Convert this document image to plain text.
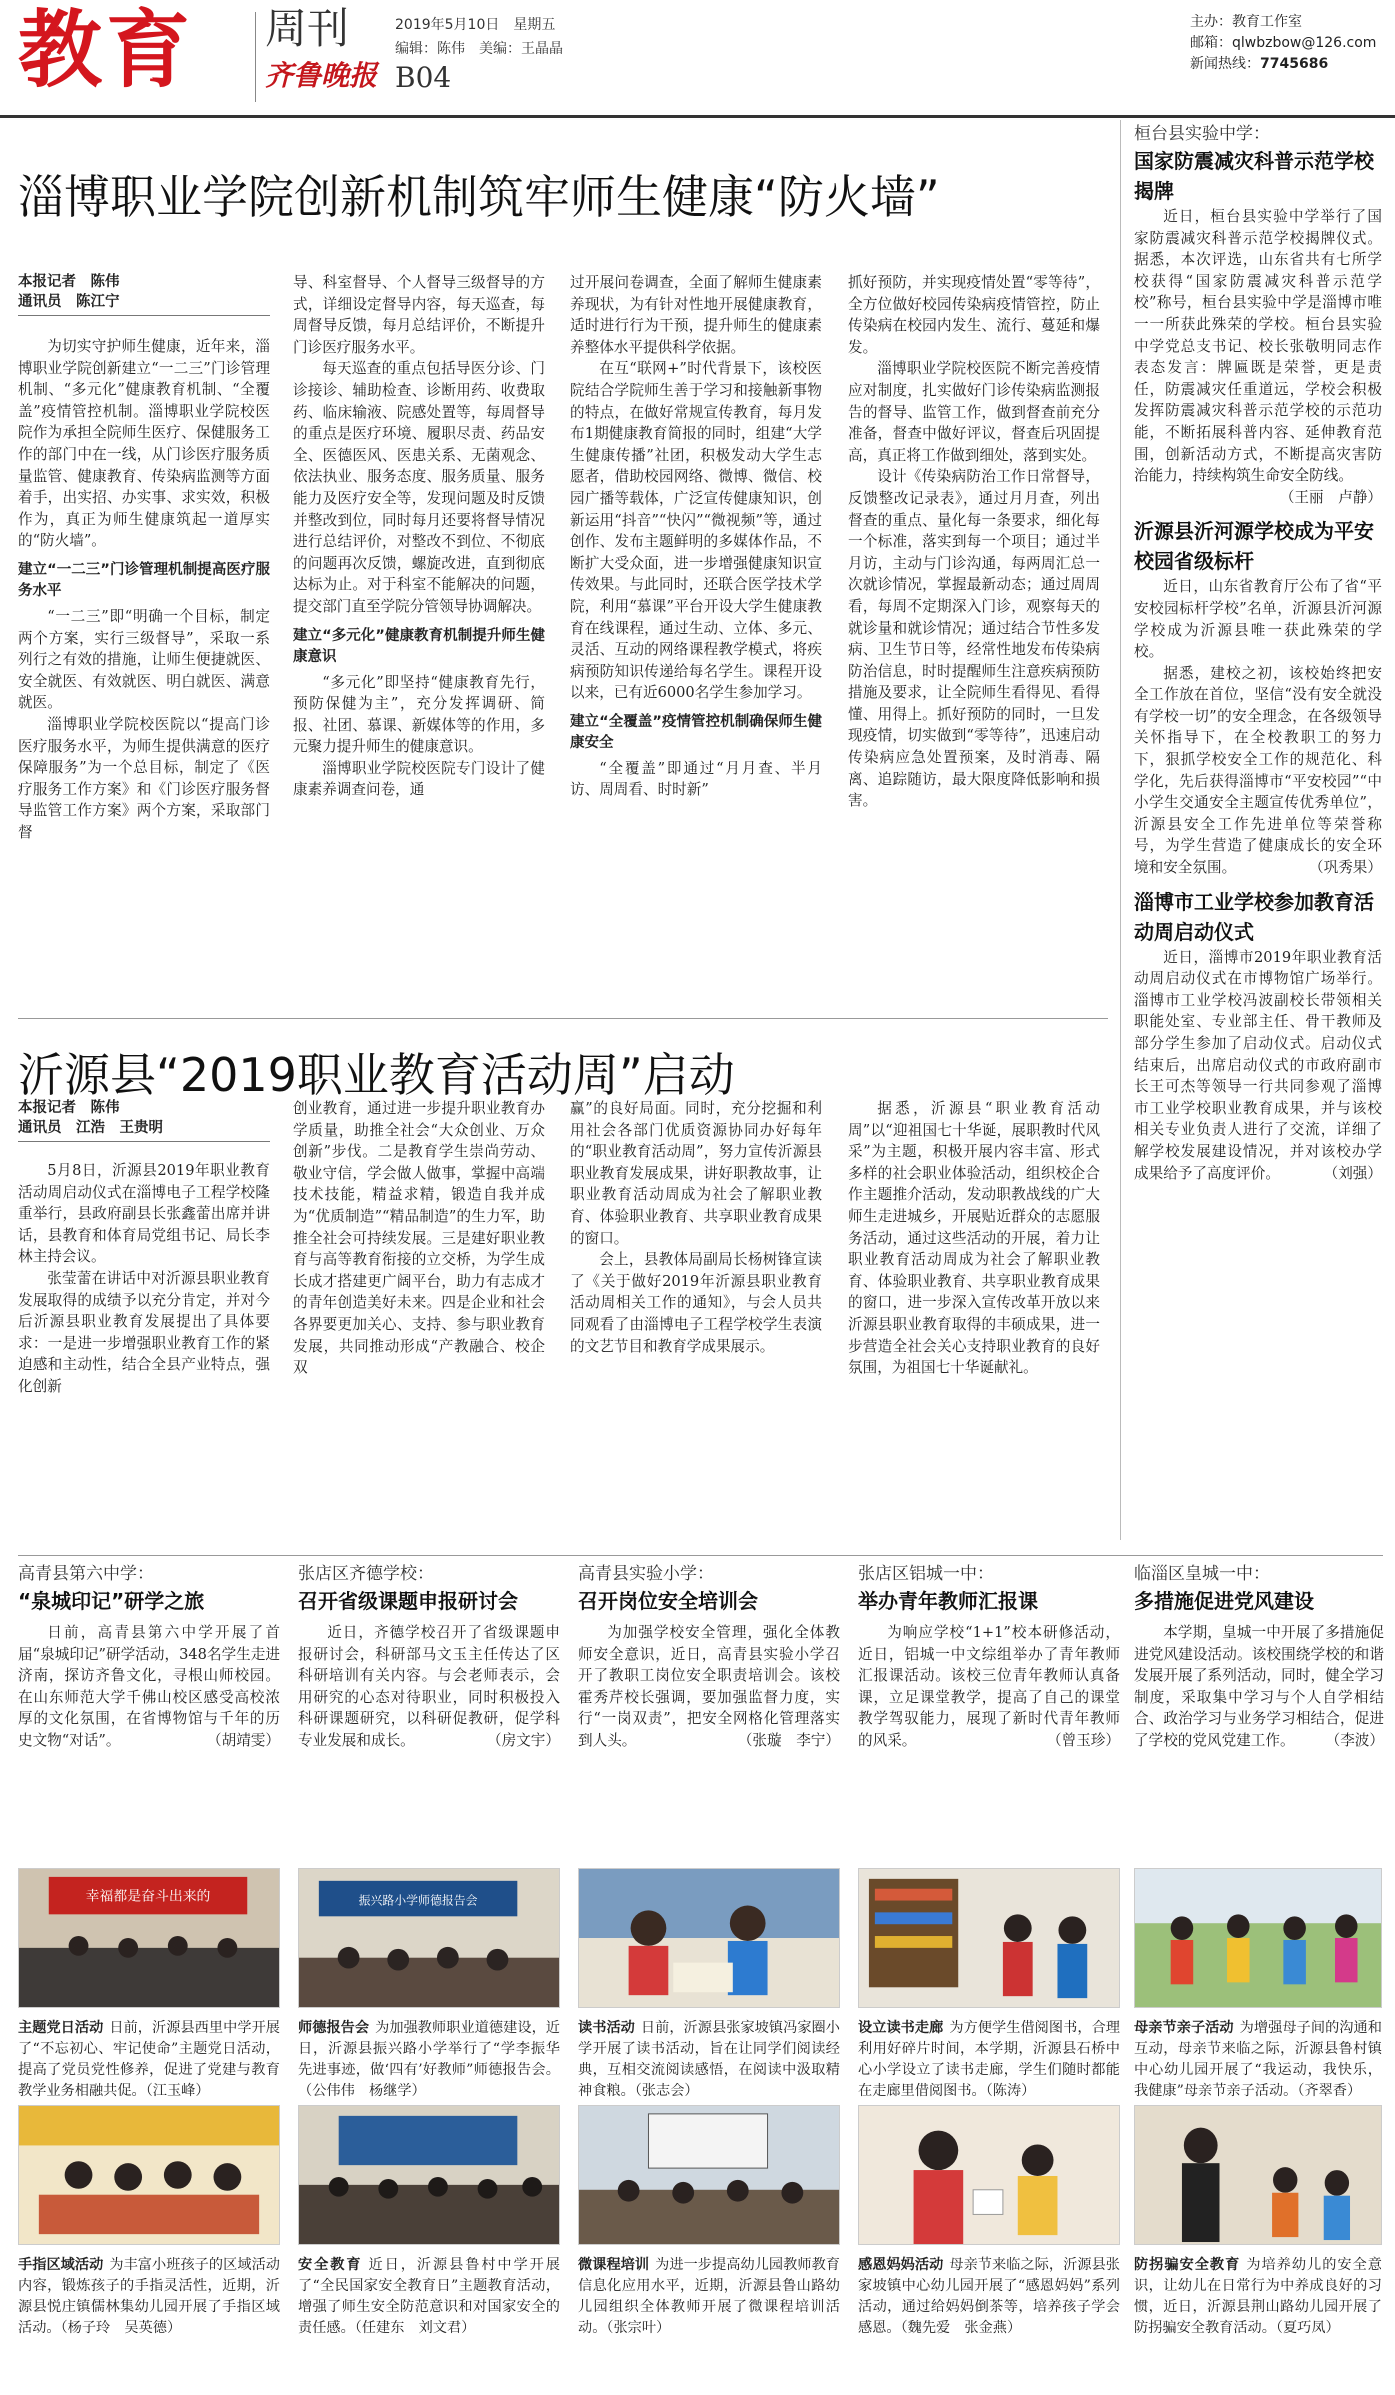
教育 周刊
齐鲁晚报 B04
2019年5月10日　星期五
编辑：陈伟　美编：王晶晶
主办：教育工作室
邮箱：qlwbzbow@126.com
新闻热线：7745686
淄博职业学院创新机制筑牢师生健康“防火墙”
本报记者　陈伟
通讯员　陈江宁

为切实守护师生健康，近年来，淄博职业学院创新建立“一二三”门诊管理机制、“多元化”健康教育机制、“全覆盖”疫情管控机制。淄博职业学院校医院作为承担全院师生医疗、保健服务工作的部门中在一线，从门诊医疗服务质量监管、健康教育、传染病监测等方面着手，出实招、办实事、求实效，积极作为，真正为师生健康筑起一道厚实的“防火墙”。

建立“一二三”门诊管理机制提高医疗服务水平

“一二三”即“明确一个目标，制定两个方案，实行三级督导”，采取一系列行之有效的措施，让师生便捷就医、安全就医、有效就医、明白就医、满意就医。

淄博职业学院校医院以“提高门诊医疗服务水平，为师生提供满意的医疗保障服务”为一个总目标，制定了《医疗服务工作方案》和《门诊医疗服务督导监管工作方案》两个方案，采取部门督

导、科室督导、个人督导三级督导的方式，详细设定督导内容，每天巡查，每周督导反馈，每月总结评价，不断提升门诊医疗服务水平。

每天巡查的重点包括导医分诊、门诊接诊、辅助检查、诊断用药、收费取药、临床输液、院感处置等，每周督导的重点是医疗环境、履职尽责、药品安全、医德医风、医患关系、无菌观念、依法执业、服务态度、服务质量、服务能力及医疗安全等，发现问题及时反馈并整改到位，同时每月还要将督导情况进行总结评价，对整改不到位、不彻底的问题再次反馈，螺旋改进，直到彻底达标为止。对于科室不能解决的问题，提交部门直至学院分管领导协调解决。

建立“多元化”健康教育机制提升师生健康意识

“多元化”即坚持“健康教育先行，预防保健为主”，充分发挥调研、简报、社团、慕课、新媒体等的作用，多元聚力提升师生的健康意识。

淄博职业学院校医院专门设计了健康素养调查问卷，通

过开展问卷调查，全面了解师生健康素养现状，为有针对性地开展健康教育，适时进行行为干预，提升师生的健康素养整体水平提供科学依据。

在互“联网+”时代背景下，该校医院结合学院师生善于学习和接触新事物的特点，在做好常规宣传教育，每月发布1期健康教育简报的同时，组建“大学生健康传播”社团，积极发动大学生志愿者，借助校园网络、微博、微信、校园广播等载体，广泛宣传健康知识，创新运用“抖音”“快闪”“微视频”等，通过创作、发布主题鲜明的多媒体作品，不断扩大受众面，进一步增强健康知识宣传效果。与此同时，还联合医学技术学院，利用“慕课”平台开设大学生健康教育在线课程，通过生动、立体、多元、灵活、互动的网络课程教学模式，将疾病预防知识传递给每名学生。课程开设以来，已有近6000名学生参加学习。

建立“全覆盖”疫情管控机制确保师生健康安全

“全覆盖”即通过“月月查、半月访、周周看、时时新”

抓好预防，并实现疫情处置“零等待”，全方位做好校园传染病疫情管控，防止传染病在校园内发生、流行、蔓延和爆发。

淄博职业学院校医院不断完善疫情应对制度，扎实做好门诊传染病监测报告的督导、监管工作，做到督查前充分准备，督查中做好评议，督查后巩固提高，真正将工作做到细处，落到实处。

设计《传染病防治工作日常督导，反馈整改记录表》，通过月月查，列出督查的重点、量化每一条要求，细化每一个标准，落实到每一个项目；通过半月访，主动与门诊沟通，每两周汇总一次就诊情况，掌握最新动态；通过周周看，每周不定期深入门诊，观察每天的就诊量和就诊情况；通过结合节性多发病、卫生节日等，经常性地发布传染病防治信息，时时提醒师生注意疾病预防措施及要求，让全院师生看得见、看得懂、用得上。抓好预防的同时，一旦发现疫情，切实做到“零等待”，迅速启动传染病应急处置预案，及时消毒、隔离、追踪随访，最大限度降低影响和损害。

沂源县“2019职业教育活动周”启动
本报记者　陈伟
通讯员　江浩　王贵明

5月8日，沂源县2019年职业教育活动周启动仪式在淄博电子工程学校隆重举行，县政府副县长张鑫蕾出席并讲话，县教育和体育局党组书记、局长李林主持会议。

张莹蕾在讲话中对沂源县职业教育发展取得的成绩予以充分肯定，并对今后沂源县职业教育发展提出了具体要求：一是进一步增强职业教育工作的紧迫感和主动性，结合全县产业特点，强化创新

创业教育，通过进一步提升职业教育办学质量，助推全社会“大众创业、万众创新”步伐。二是教育学生崇尚劳动、敬业守信，学会做人做事，掌握中高端技术技能，精益求精，锻造自我并成为“优质制造”“精品制造”的生力军，助推全社会可持续发展。三是建好职业教育与高等教育衔接的立交桥，为学生成长成才搭建更广阔平台，助力有志成才的青年创造美好未来。四是企业和社会各界要更加关心、支持、参与职业教育发展，共同推动形成“产教融合、校企双

赢”的良好局面。同时，充分挖掘和利用社会各部门优质资源协同办好每年的“职业教育活动周”，努力宣传沂源县职业教育发展成果，讲好职教故事，让职业教育活动周成为社会了解职业教育、体验职业教育、共享职业教育成果的窗口。

会上，县教体局副局长杨树锋宣读了《关于做好2019年沂源县职业教育活动周相关工作的通知》，与会人员共同观看了由淄博电子工程学校学生表演的文艺节目和教育学成果展示。

据悉，沂源县“职业教育活动周”以“迎祖国七十华诞，展职教时代风采”为主题，积极开展内容丰富、形式多样的社会职业体验活动，组织校企合作主题推介活动，发动职教战线的广大师生走进城乡，开展贴近群众的志愿服务活动，通过这些活动的开展，着力让职业教育活动周成为社会了解职业教育、体验职业教育、共享职业教育成果的窗口，进一步深入宣传改革开放以来沂源县职业教育取得的丰硕成果，进一步营造全社会关心支持职业教育的良好氛围，为祖国七十华诞献礼。

桓台县实验中学：
国家防震减灾科普示范学校揭牌

近日，桓台县实验中学举行了国家防震减灾科普示范学校揭牌仪式。据悉，本次评选，山东省共有七所学校获得“国家防震减灾科普示范学校”称号，桓台县实验中学是淄博市唯一一所获此殊荣的学校。桓台县实验中学党总支书记、校长张敬明同志作表态发言：牌匾既是荣誉，更是责任，防震减灾任重道远，学校会积极发挥防震减灾科普示范学校的示范功能，不断拓展科普内容、延伸教育范围，创新活动方式，不断提高灾害防治能力，持续构筑生命安全防线。
（王丽　卢静）

沂源县沂河源学校成为平安校园省级标杆

近日，山东省教育厅公布了省“平安校园标杆学校”名单，沂源县沂河源学校成为沂源县唯一获此殊荣的学校。

据悉，建校之初，该校始终把安全工作放在首位，坚信“没有安全就没有学校一切”的安全理念，在各级领导关怀指导下，在全校教职工的努力下，狠抓学校安全工作的规范化、科学化，先后获得淄博市“平安校园”“中小学生交通安全主题宣传优秀单位”，沂源县安全工作先进单位等荣誉称号，为学生营造了健康成长的安全环境和安全氛围。	（巩秀果）

淄博市工业学校参加教育活动周启动仪式

近日，淄博市2019年职业教育活动周启动仪式在市博物馆广场举行。淄博市工业学校冯波副校长带领相关职能处室、专业部主任、骨干教师及部分学生参加了启动仪式。启动仪式结束后，出席启动仪式的市政府副市长王可杰等领导一行共同参观了淄博市工业学校职业教育成果，并与该校相关专业负责人进行了交流，详细了解学校发展建设情况，并对该校办学成果给予了高度评价。	（刘强）

高青县第六中学：
“泉城印记”研学之旅

日前，高青县第六中学开展了首届“泉城印记”研学活动，348名学生走进济南，探访齐鲁文化，寻根山师校园。在山东师范大学千佛山校区感受高校浓厚的文化氛围，在省博物馆与千年的历史文物“对话”。	（胡靖雯）

张店区齐德学校：
召开省级课题申报研讨会

近日，齐德学校召开了省级课题申报研讨会，科研部马文玉主任传达了区科研培训有关内容。与会老师表示，会用研究的心态对待职业，同时积极投入科研课题研究，以科研促教研，促学科专业发展和成长。	（房文宇）

高青县实验小学：
召开岗位安全培训会

为加强学校安全管理，强化全体教师安全意识，近日，高青县实验小学召开了教职工岗位安全职责培训会。该校霍秀芹校长强调，要加强监督力度，实行“一岗双责”，把安全网格化管理落实到人头。	（张璇　李宁）

张店区铝城一中：
举办青年教师汇报课

为响应学校“1+1”校本研修活动，近日，铝城一中文综组举办了青年教师汇报课活动。该校三位青年教师认真备课，立足课堂教学，提高了自己的课堂教学驾驭能力，展现了新时代青年教师的风采。	（曾玉珍）

临淄区皇城一中：
多措施促进党风建设

本学期，皇城一中开展了多措施促进党风建设活动。该校围绕学校的和谐发展开展了系列活动，同时，健全学习制度，采取集中学习与个人自学相结合、政治学习与业务学习相结合，促进了学校的党风党建工作。	（李波）

幸福都是奋斗出来的
主题党日活动 日前，沂源县西里中学开展了“不忘初心、牢记使命”主题党日活动，提高了党员党性修养，促进了党建与教育教学业务相融共促。（江玉峰）
振兴路小学师德报告会
师德报告会 为加强教师职业道德建设，近日，沂源县振兴路小学举行了“学李振华先进事迹，做‘四有’好教师”师德报告会。（公伟伟　杨继学）
读书活动 日前，沂源县张家坡镇冯家圈小学开展了读书活动，旨在让同学们阅读经典，互相交流阅读感悟，在阅读中汲取精神食粮。（张志会）
设立读书走廊 为方便学生借阅图书，合理利用好碎片时间，本学期，沂源县石桥中心小学设立了读书走廊，学生们随时都能在走廊里借阅图书。（陈涛）
母亲节亲子活动 为增强母子间的沟通和互动，母亲节来临之际，沂源县鲁村镇中心幼儿园开展了“我运动，我快乐，我健康”母亲节亲子活动。（齐翠香）
手指区域活动 为丰富小班孩子的区域活动内容，锻炼孩子的手指灵活性，近期，沂源县悦庄镇儒林集幼儿园开展了手指区域活动。（杨子玲　吴英德）
安全教育 近日，沂源县鲁村中学开展了“全民国家安全教育日”主题教育活动，增强了师生安全防范意识和对国家安全的责任感。（任建东　刘文君）
微课程培训 为进一步提高幼儿园教师教育信息化应用水平，近期，沂源县鲁山路幼儿园组织全体教师开展了微课程培训活动。（张宗叶）
感恩妈妈活动 母亲节来临之际，沂源县张家坡镇中心幼儿园开展了“感恩妈妈”系列活动，通过给妈妈倒茶等，培养孩子学会感恩。（魏先爱　张金燕）
防拐骗安全教育 为培养幼儿的安全意识，让幼儿在日常行为中养成良好的习惯，近日，沂源县荆山路幼儿园开展了防拐骗安全教育活动。（夏巧凤）
